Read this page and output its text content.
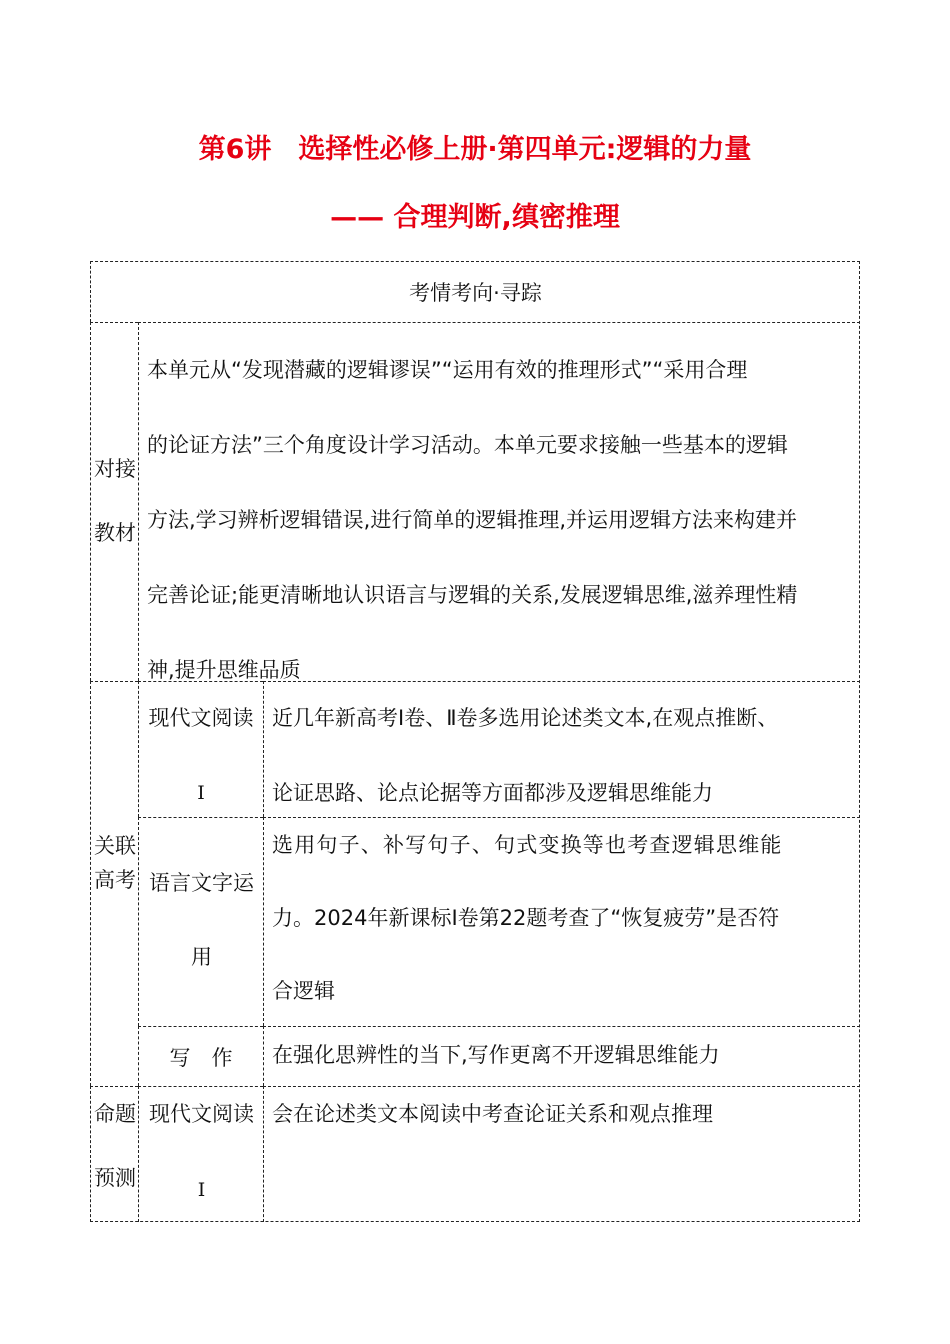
第6讲　选择性必修上册·第四单元:逻辑的力量
—— 合理判断,缜密推理
考情考向·寻踪
对接
教材
本单元从“发现潜藏的逻辑谬误”“运用有效的推理形式”“采用合理
的论证方法”三个角度设计学习活动。本单元要求接触一些基本的逻辑
方法,学习辨析逻辑错误,进行简单的逻辑推理,并运用逻辑方法来构建并
完善论证;能更清晰地认识语言与逻辑的关系,发展逻辑思维,滋养理性精
神,提升思维品质
关联
高考
现代文阅读
Ⅰ
近几年新高考Ⅰ卷、Ⅱ卷多选用论述类文本,在观点推断、
论证思路、论点论据等方面都涉及逻辑思维能力
语言文字运
用
选用句子、补写句子、句式变换等也考查逻辑思维能
力。2024年新课标Ⅰ卷第22题考查了“恢复疲劳”是否符
合逻辑
写　作	在强化思辨性的当下,写作更离不开逻辑思维能力
命题
预测
现代文阅读
Ⅰ
会在论述类文本阅读中考查论证关系和观点推理
